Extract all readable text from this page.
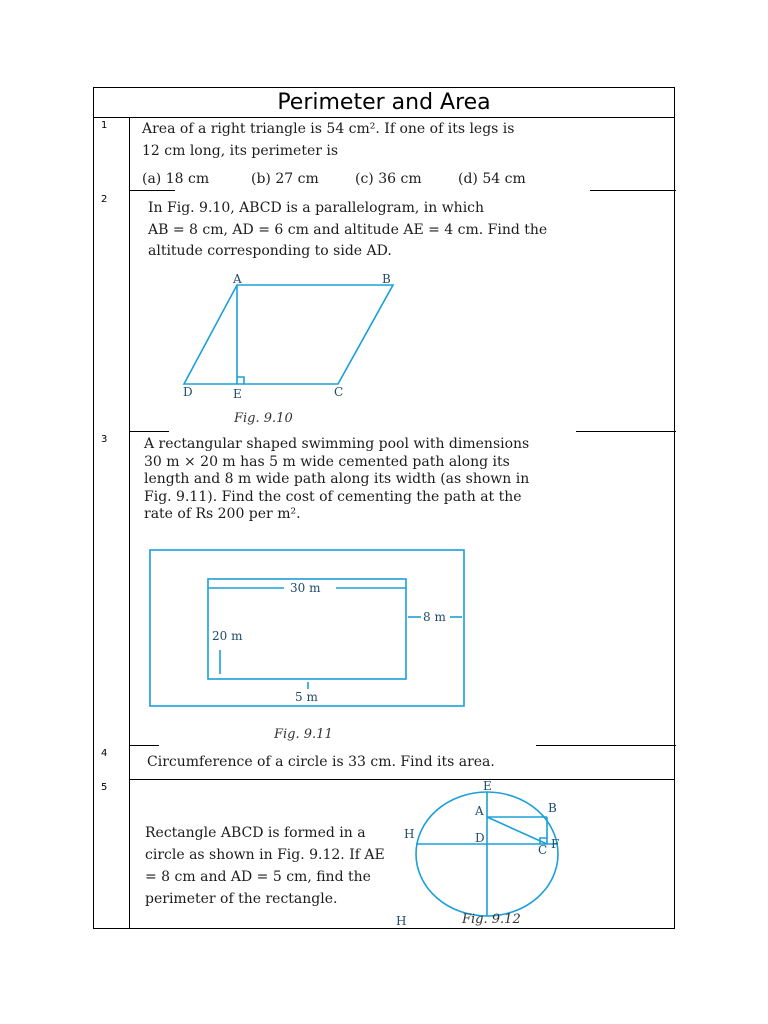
Perimeter and Area
1
2
3
4
5
Area of a right triangle is 54 cm². If one of its legs is
12 cm long, its perimeter is
(a) 18 cm	(b) 27 cm	(c) 36 cm	(d) 54 cm
In Fig. 9.10, ABCD is a parallelogram, in which
AB = 8 cm, AD = 6 cm and altitude AE = 4 cm. Find the
altitude corresponding to side AD.
A	B
C
D	E
Fig. 9.10
A rectangular shaped swimming pool with dimensions
30 m × 20 m has 5 m wide cemented path along its
length and 8 m wide path along its width (as shown in
Fig. 9.11). Find the cost of cementing the path at the
rate of Rs 200 per m².
30 m
8 m
20 m
5 m
Fig. 9.11
Circumference of a circle is 33 cm. Find its area.
Rectangle ABCD is formed in a
circle as shown in Fig. 9.12. If AE
= 8 cm and AD = 5 cm, find the
perimeter of the rectangle.
E
A	B
H	D
C F
H	Fig. 9.12
